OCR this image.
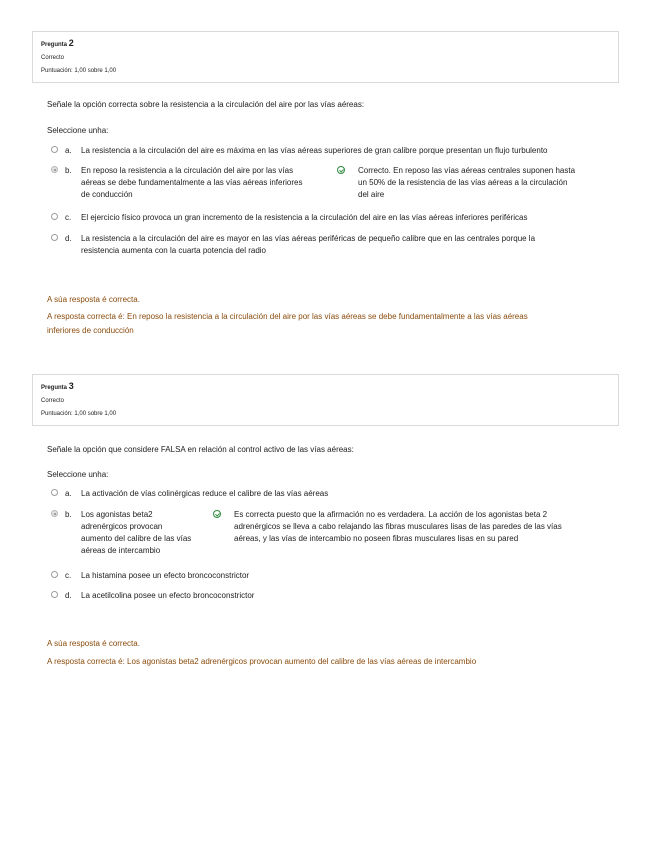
Pregunta 2
Correcto
Puntuación: 1,00 sobre 1,00
Señale la opción correcta sobre la resistencia a la circulación del aire por las vías aéreas:
Seleccione unha:
a. La resistencia a la circulación del aire es máxima en las vías aéreas superiores de gran calibre porque presentan un flujo turbulento
b. En reposo la resistencia a la circulación del aire por las vías
aéreas se debe fundamentalmente a las vías aéreas inferiores
de conducción
Correcto. En reposo las vías aéreas centrales suponen hasta
un 50% de la resistencia de las vías aéreas a la circulación
del aire
c. El ejercicio físico provoca un gran incremento de la resistencia a la circulación del aire en las vías aéreas inferiores periféricas
d. La resistencia a la circulación del aire es mayor en las vías aéreas periféricas de pequeño calibre que en las centrales porque la
resistencia aumenta con la cuarta potencia del radio
A súa resposta é correcta.
A resposta correcta é: En reposo la resistencia a la circulación del aire por las vías aéreas se debe fundamentalmente a las vías aéreas
inferiores de conducción
Pregunta 3
Correcto
Puntuación: 1,00 sobre 1,00
Señale la opción que considere FALSA en relación al control activo de las vías aéreas:
Seleccione unha:
a. La activación de vías colinérgicas reduce el calibre de las vías aéreas
b. Los agonistas beta2
adrenérgicos provocan
aumento del calibre de las vías
aéreas de intercambio
Es correcta puesto que la afirmación no es verdadera. La acción de los agonistas beta 2
adrenérgicos se lleva a cabo relajando las fibras musculares lisas de las paredes de las vías
aéreas, y las vías de intercambio no poseen fibras musculares lisas en su pared
c. La histamina posee un efecto broncoconstrictor
d. La acetilcolina posee un efecto broncoconstrictor
A súa resposta é correcta.
A resposta correcta é: Los agonistas beta2 adrenérgicos provocan aumento del calibre de las vías aéreas de intercambio
